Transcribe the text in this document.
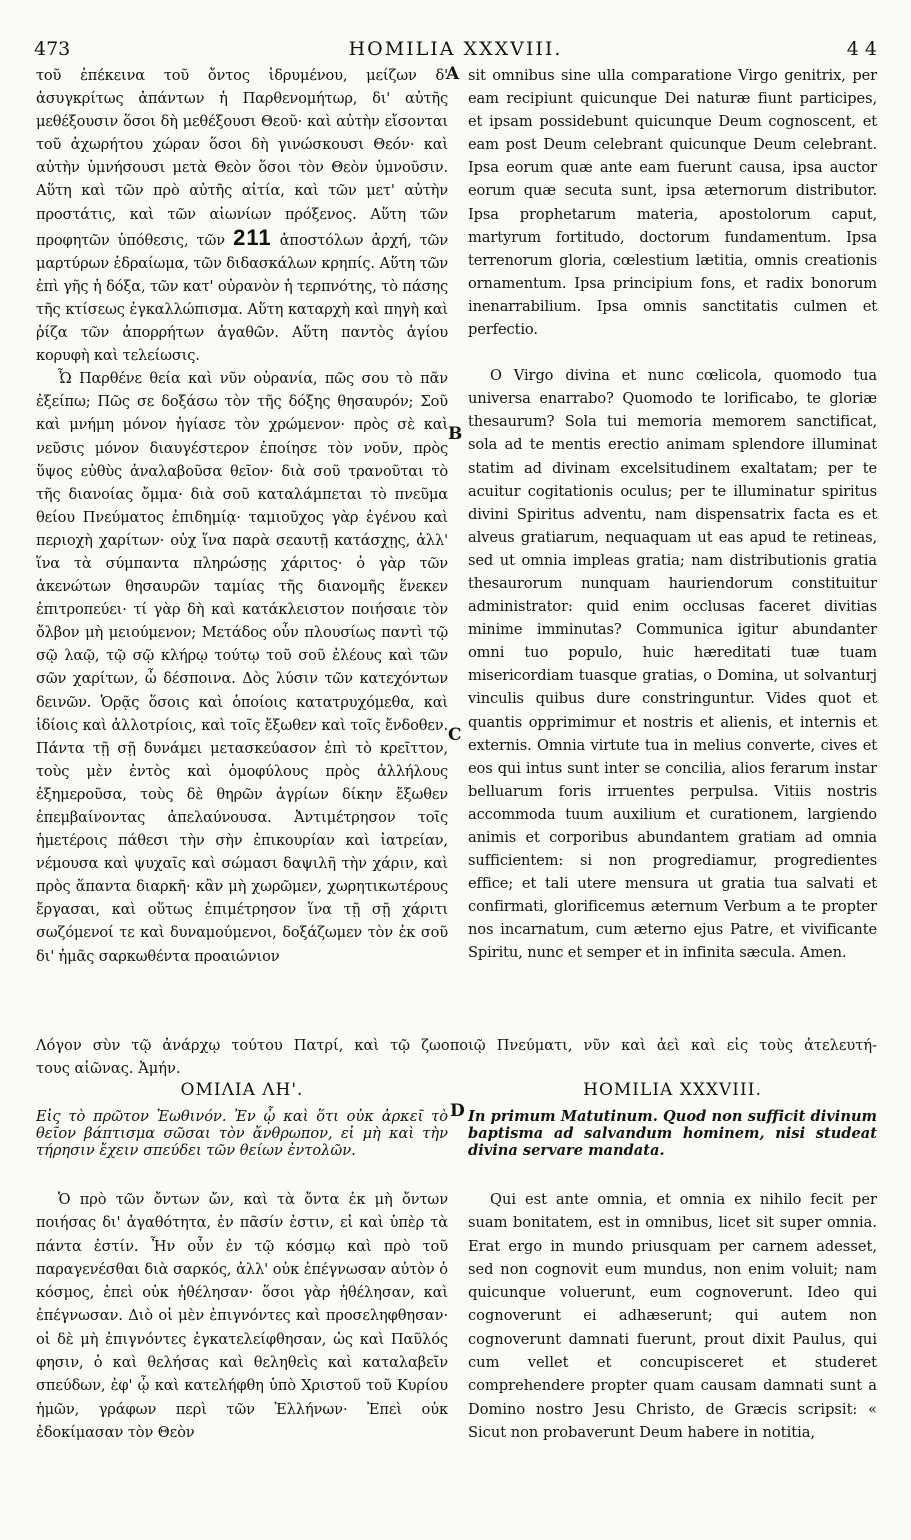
473	HOMILIA XXXVIII.	4 4
A
B
C
D

τοῦ ἐπέκεινα τοῦ ὄντος ἱδρυμένου, μείζων δ' ἀσυγκρίτως ἀπάντων ἡ Παρθενομήτωρ, δι' αὐτῆς μεθέξουσιν ὅσοι δὴ μεθέξουσι Θεοῦ· καὶ αὐτὴν εἴσονται τοῦ ἀχωρήτου χώραν ὅσοι δὴ γινώσκουσι Θεόν· καὶ αὐτὴν ὑμνήσουσι μετὰ Θεὸν ὅσοι τὸν Θεὸν ὑμνοῦσιν. Αὕτη καὶ τῶν πρὸ αὐτῆς αἰτία, καὶ τῶν μετ' αὐτὴν προστάτις, καὶ τῶν αἰωνίων πρόξενος. Αὕτη τῶν προφητῶν ὑπόθεσις, τῶν 211 ἀποστόλων ἀρχή, τῶν μαρτύρων ἑδραίωμα, τῶν διδασκάλων κρηπίς. Αὕτη τῶν ἐπὶ γῆς ἡ δόξα, τῶν κατ' οὐρανὸν ἡ τερπνότης, τὸ πάσης τῆς κτίσεως ἐγκαλλώπισμα. Αὕτη καταρχὴ καὶ πηγὴ καὶ ῥίζα τῶν ἀπορρήτων ἀγαθῶν. Αὕτη παντὸς ἁγίου κορυφὴ καὶ τελείωσις.

Ὦ Παρθένε θεία καὶ νῦν οὐρανία, πῶς σου τὸ πᾶν ἐξείπω; Πῶς σε δοξάσω τὸν τῆς δόξης θησαυρόν; Σοῦ καὶ μνήμη μόνον ἡγίασε τὸν χρώμενον· πρὸς σὲ καὶ νεῦσις μόνον διαυγέστερον ἐποίησε τὸν νοῦν, πρὸς ὕψος εὐθὺς ἀναλαβοῦσα θεῖον· διὰ σοῦ τρανοῦται τὸ τῆς διανοίας ὄμμα· διὰ σοῦ καταλάμπεται τὸ πνεῦμα θείου Πνεύματος ἐπιδημίᾳ· ταμιοῦχος γὰρ ἐγένου καὶ περιοχὴ χαρίτων· οὐχ ἵνα παρὰ σεαυτῇ κατάσχῃς, ἀλλ' ἵνα τὰ σύμπαντα πληρώσῃς χάριτος· ὁ γὰρ τῶν ἀκενώτων θησαυρῶν ταμίας τῆς διανομῆς ἕνεκεν ἐπιτροπεύει· τί γὰρ δὴ καὶ κατάκλειστον ποιήσαιε τὸν ὄλβον μὴ μειούμενον; Μετάδος οὖν πλουσίως παντὶ τῷ σῷ λαῷ, τῷ σῷ κλήρῳ τούτῳ τοῦ σοῦ ἐλέους καὶ τῶν σῶν χαρίτων, ὦ δέσποινα. Δὸς λύσιν τῶν κατεχόντων δεινῶν. Ὁρᾷς ὅσοις καὶ ὁποίοις κατατρυχόμεθα, καὶ ἰδίοις καὶ ἀλλοτρίοις, καὶ τοῖς ἔξωθεν καὶ τοῖς ἔνδοθεν. Πάντα τῇ σῇ δυνάμει μετασκεύασον ἐπὶ τὸ κρεῖττον, τοὺς μὲν ἐντὸς καὶ ὁμοφύλους πρὸς ἀλλήλους ἐξημεροῦσα, τοὺς δὲ θηρῶν ἀγρίων δίκην ἔξωθεν ἐπεμβαίνοντας ἀπελαύνουσα. Ἀντιμέτρησον τοῖς ἡμετέροις πάθεσι τὴν σὴν ἐπικουρίαν καὶ ἰατρείαν, νέμουσα καὶ ψυχαῖς καὶ σώμασι δαψιλῆ τὴν χάριν, καὶ πρὸς ἅπαντα διαρκῆ· κἂν μὴ χωρῶμεν, χωρητικωτέρους ἔργασαι, καὶ οὕτως ἐπιμέτρησον ἵνα τῇ σῇ χάριτι σωζόμενοί τε καὶ δυναμούμενοι, δοξάζωμεν τὸν ἐκ σοῦ δι' ἡμᾶς σαρκωθέντα προαιώνιον

sit omnibus sine ulla comparatione Virgo genitrix, per eam recipiunt quicunque Dei naturæ fiunt participes, et ipsam possidebunt quicunque Deum cognoscent, et eam post Deum celebrant quicunque Deum celebrant. Ipsa eorum quæ ante eam fuerunt causa, ipsa auctor eorum quæ secuta sunt, ipsa æternorum distributor. Ipsa prophetarum materia, apostolorum caput, martyrum fortitudo, doctorum fundamentum. Ipsa terrenorum gloria, cœlestium lætitia, omnis creationis ornamentum. Ipsa principium fons, et radix bonorum inenarrabilium. Ipsa omnis sanctitatis culmen et perfectio.

O Virgo divina et nunc cœlicola, quomodo tua universa enarrabo? Quomodo te lorificabo, te gloriæ thesaurum? Sola tui memoria memorem sanctificat, sola ad te mentis erectio animam splendore illuminat statim ad divinam excelsitudinem exaltatam; per te acuitur cogitationis oculus; per te illuminatur spiritus divini Spiritus adventu, nam dispensatrix facta es et alveus gratiarum, nequaquam ut eas apud te retineas, sed ut omnia impleas gratia; nam distributionis gratia thesaurorum nunquam hauriendorum constituitur administrator: quid enim occlusas faceret divitias minime imminutas? Communica igitur abundanter omni tuo populo, huic hæreditati tuæ tuam misericordiam tuasque gratias, o Domina, ut solvanturj vinculis quibus dure constringuntur. Vides quot et quantis opprimimur et nostris et alienis, et internis et externis. Omnia virtute tua in melius converte, cives et eos qui intus sunt inter se concilia, alios ferarum instar belluarum foris irruentes perpulsa. Vitiis nostris accommoda tuum auxilium et curationem, largiendo animis et corporibus abundantem gratiam ad omnia sufficientem: si non progrediamur, progredientes effice; et tali utere mensura ut gratia tua salvati et confirmati, glorificemus æternum Verbum a te propter nos incarnatum, cum æterno ejus Patre, et vivificante Spiritu, nunc et semper et in infinita sæcula. Amen.

Λόγον σὺν τῷ ἀνάρχῳ τούτου Πατρί, καὶ τῷ ζωοποιῷ Πνεύματι, νῦν καὶ ἀεὶ καὶ εἰς τοὺς ἀτελευτή-
τους αἰῶνας. Ἀμήν.
ΟΜΙΛΙΑ ΛΗ'.	HOMILIA XXXVIII.
Εἰς τὸ πρῶτον Ἑωθινόν. Ἐν ᾧ καὶ ὅτι οὐκ ἀρκεῖ τὸ θεῖον βάπτισμα σῶσαι τὸν ἄνθρωπον, εἰ μὴ καὶ τὴν τήρησιν ἔχειν σπεύδει τῶν θείων ἐντολῶν.
In primum Matutinum. Quod non sufficit divinum baptisma ad salvandum hominem, nisi studeat divina servare mandata.

Ὁ πρὸ τῶν ὄντων ὤν, καὶ τὰ ὄντα ἐκ μὴ ὄντων ποιήσας δι' ἀγαθότητα, ἐν πᾶσίν ἐστιν, εἰ καὶ ὑπὲρ τὰ πάντα ἐστίν. Ἦν οὖν ἐν τῷ κόσμῳ καὶ πρὸ τοῦ παραγενέσθαι διὰ σαρκός, ἀλλ' οὐκ ἐπέγνωσαν αὐτὸν ὁ κόσμος, ἐπεὶ οὐκ ἠθέλησαν· ὅσοι γὰρ ἠθέλησαν, καὶ ἐπέγνωσαν. Διὸ οἱ μὲν ἐπιγνόντες καὶ προσεληφθησαν· οἱ δὲ μὴ ἐπιγνόντες ἐγκατελείφθησαν, ὡς καὶ Παῦλός φησιν, ὁ καὶ θελήσας καὶ θεληθεὶς καὶ καταλαβεῖν σπεύδων, ἐφ' ᾧ καὶ κατελήφθη ὑπὸ Χριστοῦ τοῦ Κυρίου ἡμῶν, γράφων περὶ τῶν Ἑλλήνων· Ἐπεὶ οὐκ ἐδοκίμασαν τὸν Θεὸν

Qui est ante omnia, et omnia ex nihilo fecit per suam bonitatem, est in omnibus, licet sit super omnia. Erat ergo in mundo priusquam per carnem adesset, sed non cognovit eum mundus, non enim voluit; nam quicunque voluerunt, eum cognoverunt. Ideo qui cognoverunt ei adhæserunt; qui autem non cognoverunt damnati fuerunt, prout dixit Paulus, qui cum vellet et concupisceret et studeret comprehendere propter quam causam damnati sunt a Domino nostro Jesu Christo, de Græcis scripsit: « Sicut non probaverunt Deum habere in notitia,
